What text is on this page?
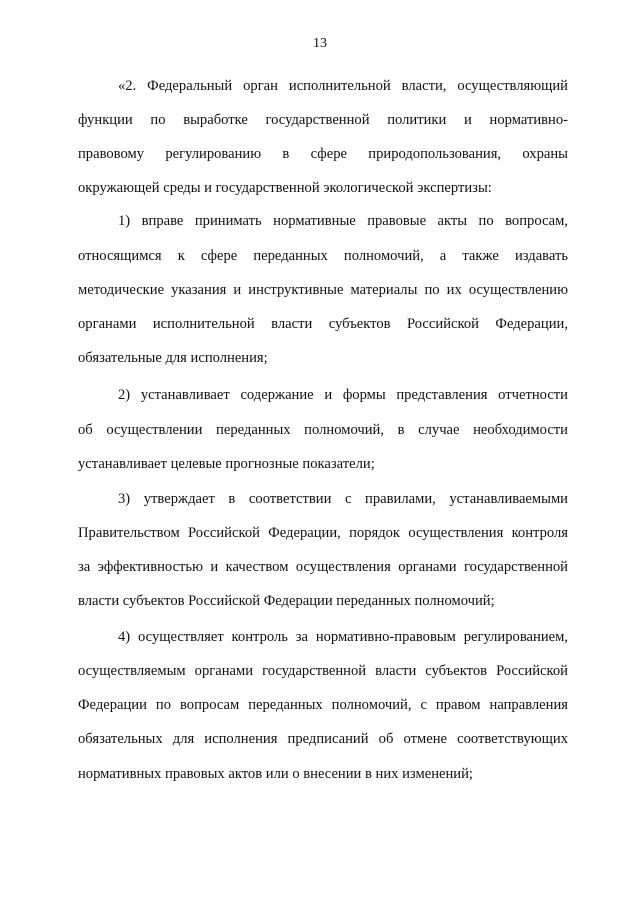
13
«2. Федеральный орган исполнительной власти, осуществляющий
функции по выработке государственной политики и нормативно-
правовому регулированию в сфере природопользования, охраны
окружающей среды и государственной экологической экспертизы:
1) вправе принимать нормативные правовые акты по вопросам,
относящимся к сфере переданных полномочий, а также издавать
методические указания и инструктивные материалы по их осуществлению
органами исполнительной власти субъектов Российской Федерации,
обязательные для исполнения;
2) устанавливает содержание и формы представления отчетности
об осуществлении переданных полномочий, в случае необходимости
устанавливает целевые прогнозные показатели;
3) утверждает в соответствии с правилами, устанавливаемыми
Правительством Российской Федерации, порядок осуществления контроля
за эффективностью и качеством осуществления органами государственной
власти субъектов Российской Федерации переданных полномочий;
4) осуществляет контроль за нормативно-правовым регулированием,
осуществляемым органами государственной власти субъектов Российской
Федерации по вопросам переданных полномочий, с правом направления
обязательных для исполнения предписаний об отмене соответствующих
нормативных правовых актов или о внесении в них изменений;
